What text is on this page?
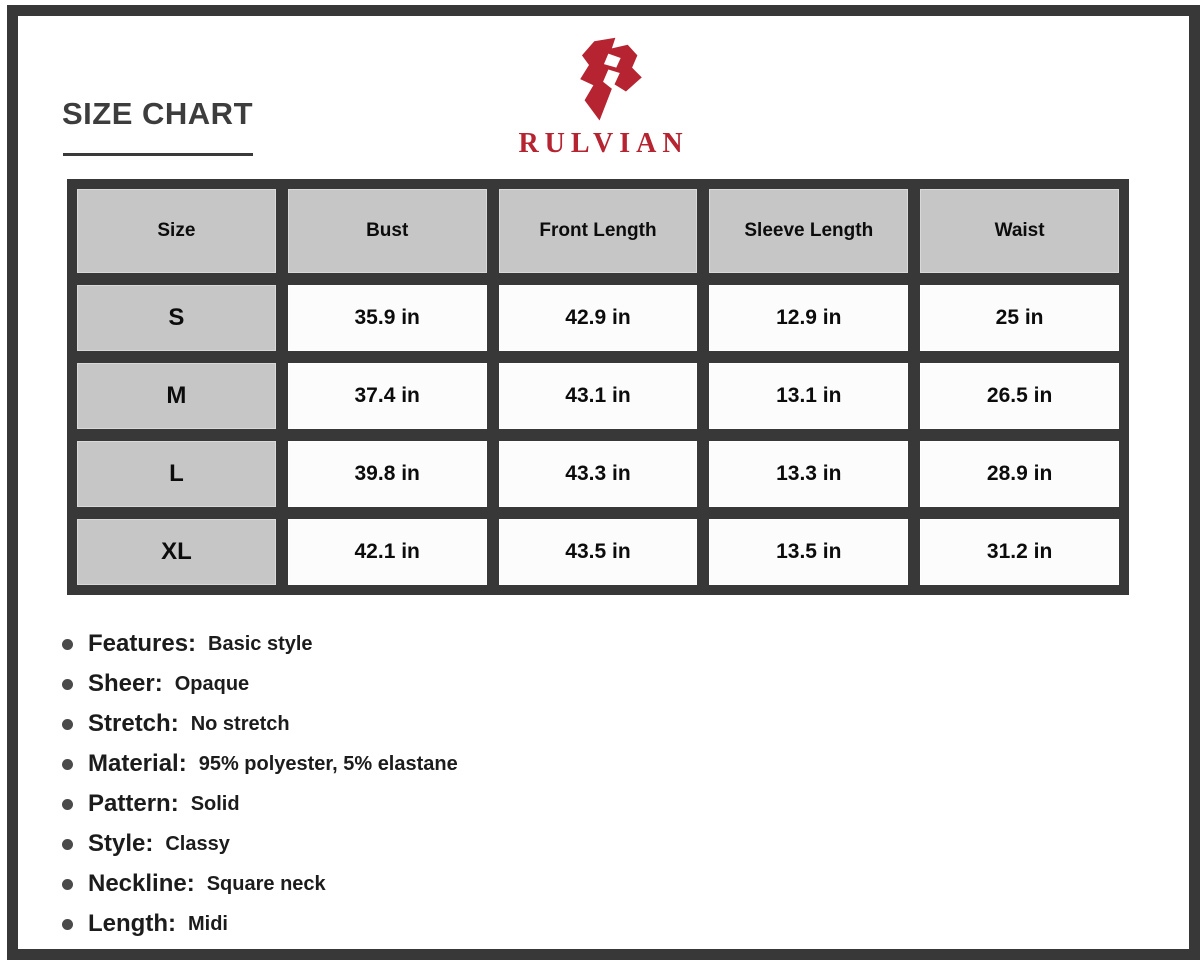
SIZE CHART
RULVIAN
Size	Bust	Front Length	Sleeve Length	Waist
S	35.9 in	42.9 in	12.9 in	25 in
M	37.4 in	43.1 in	13.1 in	26.5 in
L	39.8 in	43.3 in	13.3 in	28.9 in
XL	42.1 in	43.5 in	13.5 in	31.2 in
Features: Basic style
Sheer: Opaque
Stretch: No stretch
Material: 95% polyester, 5% elastane
Pattern: Solid
Style: Classy
Neckline: Square neck
Length: Midi
